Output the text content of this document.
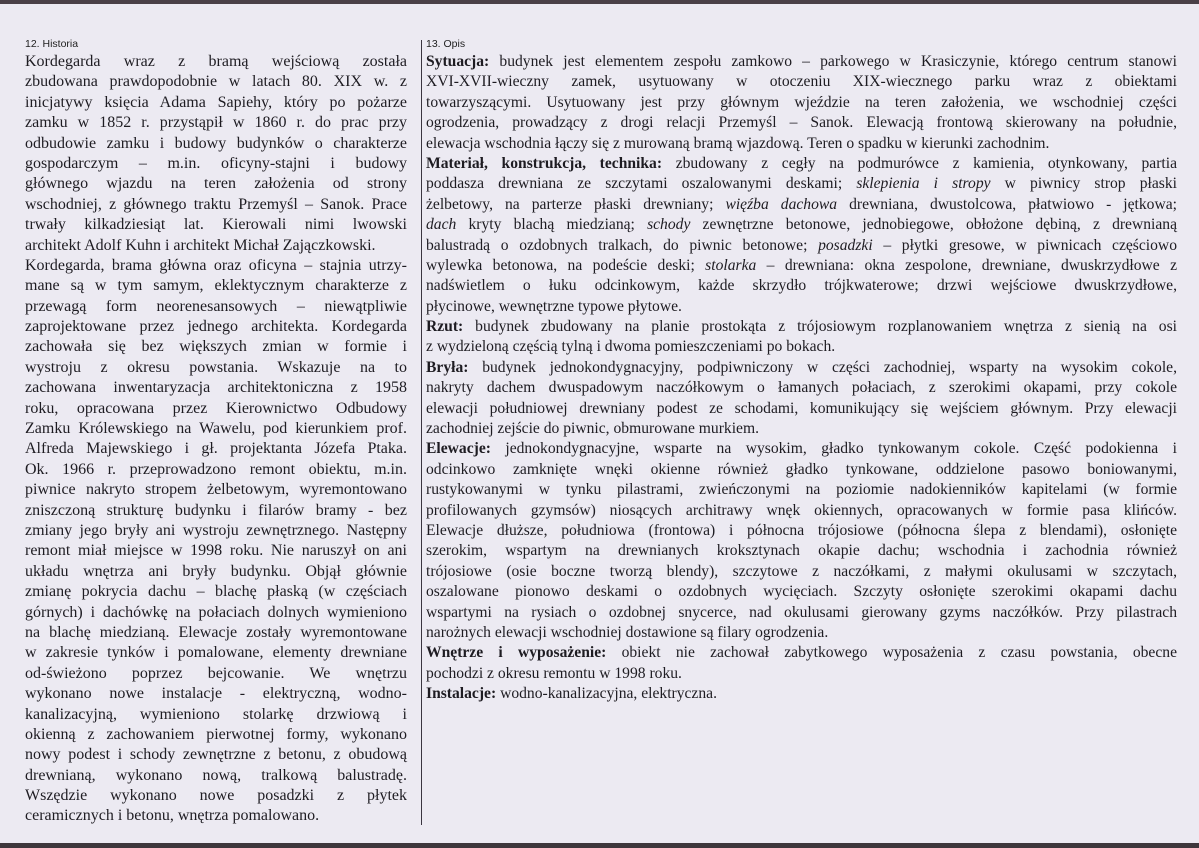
12. Historia
Kordegarda wraz z bramą wejściową została
zbudowana prawdopodobnie w latach 80. XIX w. z
inicjatywy księcia Adama Sapiehy, który po pożarze
zamku w 1852 r. przystąpił w 1860 r. do prac przy
odbudowie zamku i budowy budynków o charakterze
gospodarczym – m.in. oficyny-stajni i budowy
głównego wjazdu na teren założenia od strony
wschodniej, z głównego traktu Przemyśl – Sanok. Prace
trwały kilkadziesiąt lat. Kierowali nimi lwowski
architekt Adolf Kuhn i architekt Michał Zajączkowski.
Kordegarda, brama główna oraz oficyna – stajnia utrzy-
mane są w tym samym, eklektycznym charakterze z
przewagą form neorenesansowych – niewątpliwie
zaprojektowane przez jednego architekta. Kordegarda
zachowała się bez większych zmian w formie i
wystroju z okresu powstania. Wskazuje na to
zachowana inwentaryzacja architektoniczna z 1958
roku, opracowana przez Kierownictwo Odbudowy
Zamku Królewskiego na Wawelu, pod kierunkiem prof.
Alfreda Majewskiego i gł. projektanta Józefa Ptaka.
Ok. 1966 r. przeprowadzono remont obiektu, m.in.
piwnice nakryto stropem żelbetowym, wyremontowano
zniszczoną strukturę budynku i filarów bramy - bez
zmiany jego bryły ani wystroju zewnętrznego. Następny
remont miał miejsce w 1998 roku. Nie naruszył on ani
układu wnętrza ani bryły budynku. Objął głównie
zmianę pokrycia dachu – blachę płaską (w częściach
górnych) i dachówkę na połaciach dolnych wymieniono
na blachę miedzianą. Elewacje zostały wyremontowane
w zakresie tynków i pomalowane, elementy drewniane
od-świeżono poprzez bejcowanie. We wnętrzu
wykonano nowe instalacje - elektryczną, wodno-
kanalizacyjną, wymieniono stolarkę drzwiową i
okienną z zachowaniem pierwotnej formy, wykonano
nowy podest i schody zewnętrzne z betonu, z obudową
drewnianą, wykonano nową, tralkową balustradę.
Wszędzie wykonano nowe posadzki z płytek
ceramicznych i betonu, wnętrza pomalowano.
13. Opis
Sytuacja: budynek jest elementem zespołu zamkowo – parkowego w Krasiczynie, którego centrum stanowi
XVI-XVII-wieczny zamek, usytuowany w otoczeniu XIX-wiecznego parku wraz z obiektami
towarzyszącymi. Usytuowany jest przy głównym wjeździe na teren założenia, we wschodniej części
ogrodzenia, prowadzący z drogi relacji Przemyśl – Sanok. Elewacją frontową skierowany na południe,
elewacja wschodnia łączy się z murowaną bramą wjazdową. Teren o spadku w kierunki zachodnim.
Materiał, konstrukcja, technika: zbudowany z cegły na podmurówce z kamienia, otynkowany, partia
poddasza drewniana ze szczytami oszalowanymi deskami; sklepienia i stropy w piwnicy strop płaski
żelbetowy, na parterze płaski drewniany; więźba dachowa drewniana, dwustolcowa, płatwiowo - jętkowa;
dach kryty blachą miedzianą; schody zewnętrzne betonowe, jednobiegowe, obłożone dębiną, z drewnianą
balustradą o ozdobnych tralkach, do piwnic betonowe; posadzki – płytki gresowe, w piwnicach częściowo
wylewka betonowa, na podeście deski; stolarka – drewniana: okna zespolone, drewniane, dwuskrzydłowe z
nadświetlem o łuku odcinkowym, każde skrzydło trójkwaterowe; drzwi wejściowe dwuskrzydłowe,
płycinowe, wewnętrzne typowe płytowe.
Rzut: budynek zbudowany na planie prostokąta z trójosiowym rozplanowaniem wnętrza z sienią na osi
z wydzieloną częścią tylną i dwoma pomieszczeniami po bokach.
Bryła: budynek jednokondygnacyjny, podpiwniczony w części zachodniej, wsparty na wysokim cokole,
nakryty dachem dwuspadowym naczółkowym o łamanych połaciach, z szerokimi okapami, przy cokole
elewacji południowej drewniany podest ze schodami, komunikujący się wejściem głównym. Przy elewacji
zachodniej zejście do piwnic, obmurowane murkiem.
Elewacje: jednokondygnacyjne, wsparte na wysokim, gładko tynkowanym cokole. Część podokienna i
odcinkowo zamknięte wnęki okienne również gładko tynkowane, oddzielone pasowo boniowanymi,
rustykowanymi w tynku pilastrami, zwieńczonymi na poziomie nadokienników kapitelami (w formie
profilowanych gzymsów) niosących architrawy wnęk okiennych, opracowanych w formie pasa klińców.
Elewacje dłuższe, południowa (frontowa) i północna trójosiowe (północna ślepa z blendami), osłonięte
szerokim, wspartym na drewnianych kroksztynach okapie dachu; wschodnia i zachodnia również
trójosiowe (osie boczne tworzą blendy), szczytowe z naczółkami, z małymi okulusami w szczytach,
oszalowane pionowo deskami o ozdobnych wycięciach. Szczyty osłonięte szerokimi okapami dachu
wspartymi na rysiach o ozdobnej snycerce, nad okulusami gierowany gzyms naczółków. Przy pilastrach
narożnych elewacji wschodniej dostawione są filary ogrodzenia.
Wnętrze i wyposażenie: obiekt nie zachował zabytkowego wyposażenia z czasu powstania, obecne
pochodzi z okresu remontu w 1998 roku.
Instalacje: wodno-kanalizacyjna, elektryczna.
